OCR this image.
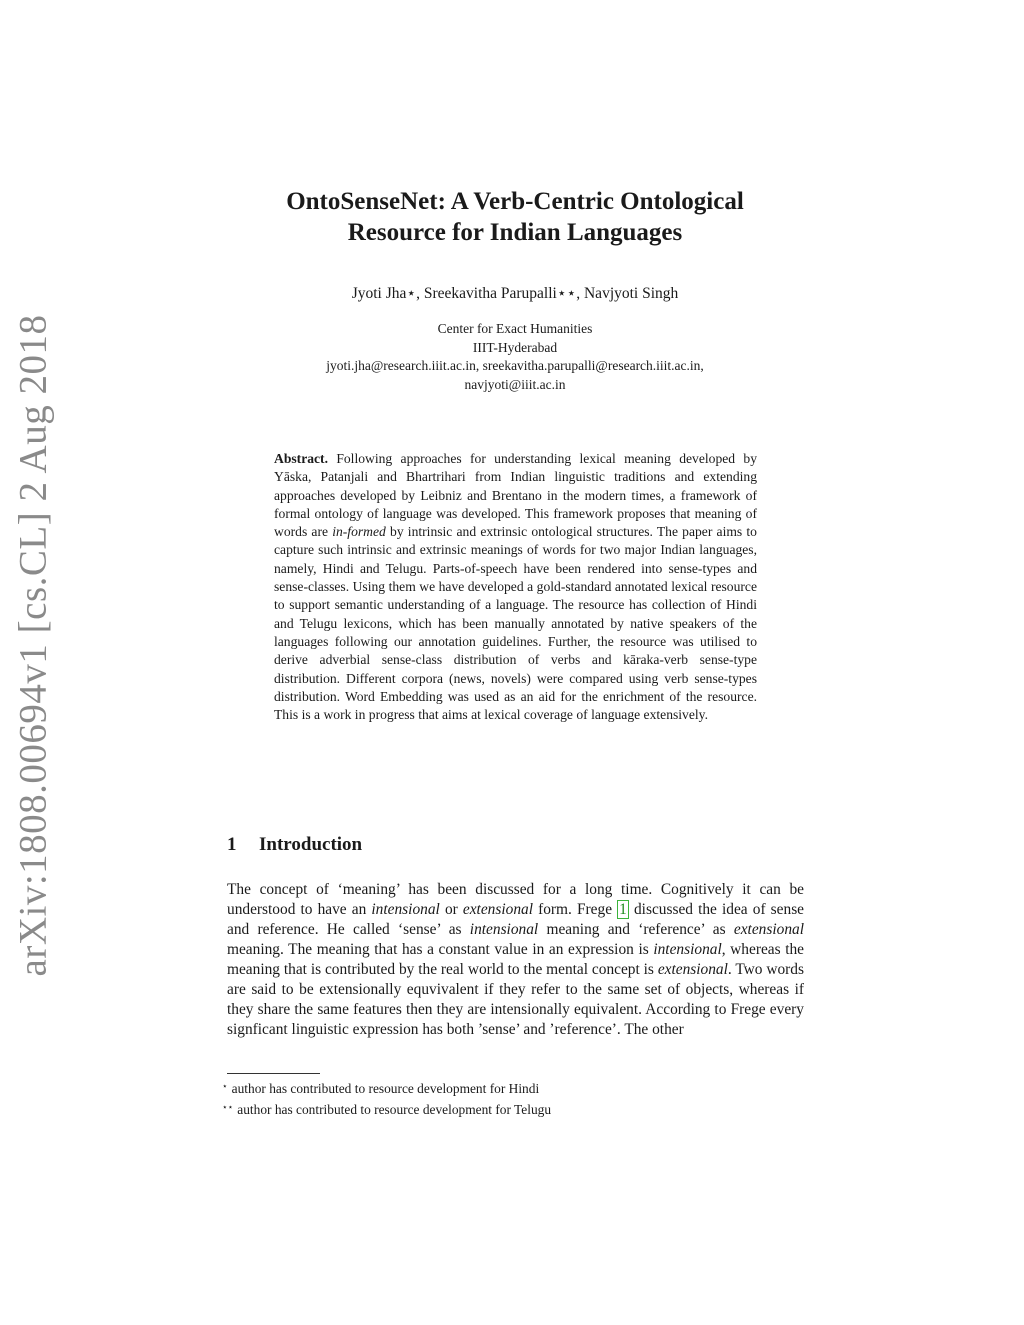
arXiv:1808.00694v1 [cs.CL] 2 Aug 2018
OntoSenseNet: A Verb-Centric Ontological
Resource for Indian Languages
Jyoti Jha⋆, Sreekavitha Parupalli⋆⋆, Navjyoti Singh
Center for Exact Humanities
IIIT-Hyderabad
jyoti.jha@research.iiit.ac.in, sreekavitha.parupalli@research.iiit.ac.in,
navjyoti@iiit.ac.in
Abstract. Following approaches for understanding lexical meaning developed by Yāska, Patanjali and Bhartrihari from Indian linguistic traditions and extending approaches developed by Leibniz and Brentano in the modern times, a framework of formal ontology of language was developed. This framework proposes that meaning of words are in-formed by intrinsic and extrinsic ontological structures. The paper aims to capture such intrinsic and extrinsic meanings of words for two major Indian languages, namely, Hindi and Telugu. Parts-of-speech have been rendered into sense-types and sense-classes. Using them we have developed a gold-standard annotated lexical resource to support semantic understanding of a language. The resource has collection of Hindi and Telugu lexicons, which has been manually annotated by native speakers of the languages following our annotation guidelines. Further, the resource was utilised to derive adverbial sense-class distribution of verbs and kāraka-verb sense-type distribution. Different corpora (news, novels) were compared using verb sense-types distribution. Word Embedding was used as an aid for the enrichment of the resource. This is a work in progress that aims at lexical coverage of language extensively.
1 Introduction
The concept of ‘meaning’ has been discussed for a long time. Cognitively it can be understood to have an intensional or extensional form. Frege 1 discussed the idea of sense and reference. He called ‘sense’ as intensional meaning and ‘reference’ as extensional meaning. The meaning that has a constant value in an expression is intensional, whereas the meaning that is contributed by the real world to the mental concept is extensional. Two words are said to be extensionally equvivalent if they refer to the same set of objects, whereas if they share the same features then they are intensionally equivalent. According to Frege every signficant linguistic expression has both ’sense’ and ’reference’. The other
⋆ author has contributed to resource development for Hindi
⋆⋆ author has contributed to resource development for Telugu
